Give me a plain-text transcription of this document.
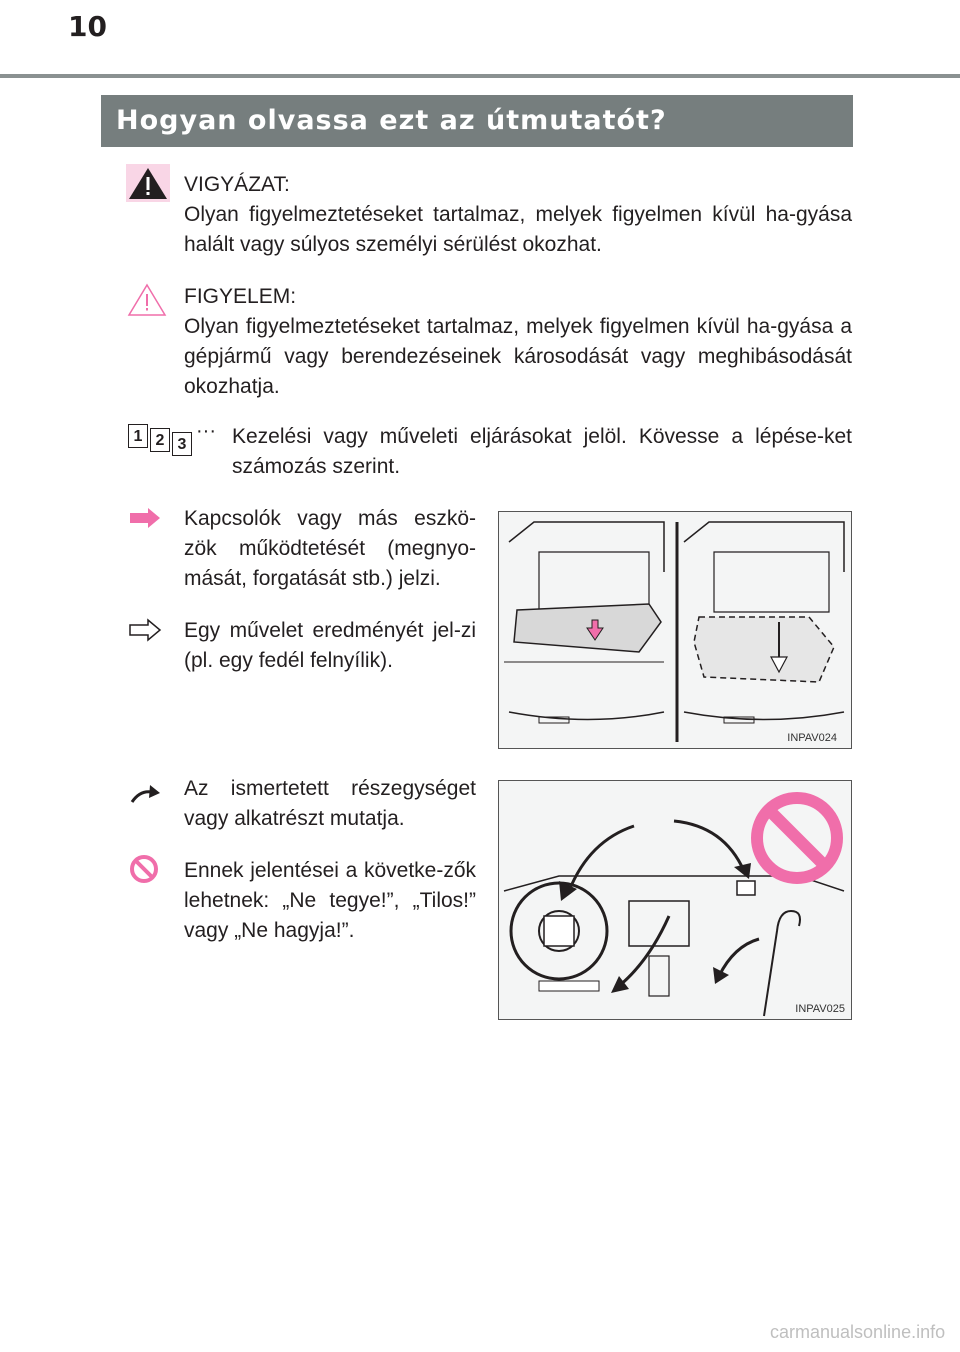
10
Hogyan olvassa ezt az útmutatót?

VIGYÁZAT:

Olyan figyelmeztetéseket tartalmaz, melyek figyelmen kívül ha-gyása halált vagy súlyos személyi sérülést okozhat.

FIGYELEM:

Olyan figyelmeztetéseket tartalmaz, melyek figyelmen kívül ha-gyása a gépjármű vagy berendezéseinek károsodását vagy meghibásodását okozhatja.

1 2 3
··· Kezelési vagy műveleti eljárásokat jelöl. Kövesse a lépése-ket számozás szerint.
Kapcsolók vagy más eszkö-zök működtetését (megnyo-mását, forgatását stb.) jelzi.
Egy művelet eredményét jel-zi (pl. egy fedél felnyílik).
INPAV024
Az ismertetett részegységet vagy alkatrészt mutatja.
Ennek jelentései a követke-zők lehetnek: „Ne tegye!”, „Tilos!” vagy „Ne hagyja!”.
INPAV025
carmanualsonline.info
